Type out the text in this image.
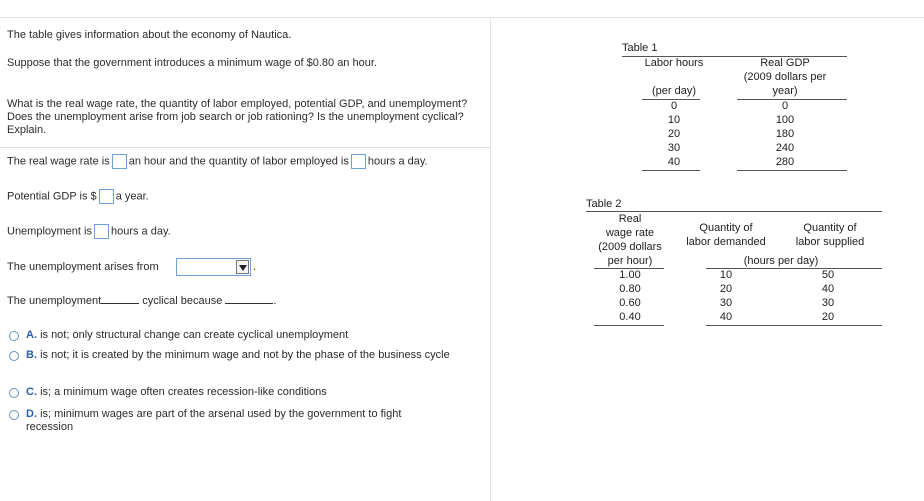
The table gives information about the economy of Nautica.
Suppose that the government introduces a minimum wage of $0.80 an hour.
What is the real wage rate, the quantity of labor employed, potential GDP, and unemployment? Does the unemployment arise from job search or job rationing? Is the unemployment cyclical? Explain.
The real wage rate is an hour and the quantity of labor employed is hours a day.
Potential GDP is $ a year.
Unemployment is hours a day.
The unemployment arises from	.
The unemployment	cyclical because	.
A. is not; only structural change can create cyclical unemployment
B. is not; it is created by the minimum wage and not by the phase of the business cycle
C. is; a minimum wage often creates recession-like conditions
D. is; minimum wages are part of the arsenal used by the government to fight recession
Table 1
Labor hours	Real GDP
(2009 dollars per
(per day)	year)
0	0
10	100
20	180
30	240
40	280
Table 2
Real
wage rate
(2009 dollars
per hour)
Quantity of
labor demanded
Quantity of
labor supplied
(hours per day)
1.00	10	50
0.80	20	40
0.60	30	30
0.40	40	20
